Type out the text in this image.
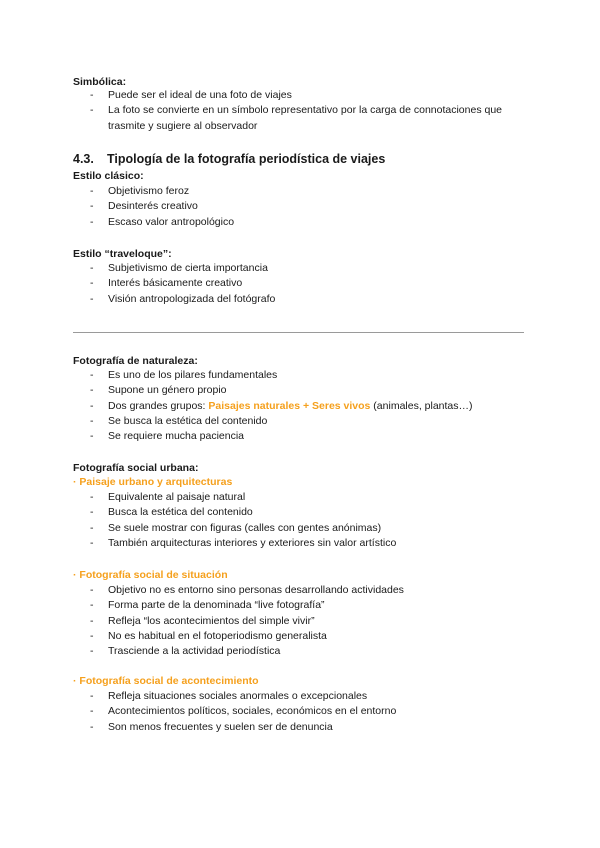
Simbólica:
- Puede ser el ideal de una foto de viajes
- La foto se convierte en un símbolo representativo por la carga de connotaciones que trasmite y sugiere al observador
4.3. Tipología de la fotografía periodística de viajes
Estilo clásico:
- Objetivismo feroz
- Desinterés creativo
- Escaso valor antropológico
Estilo “traveloque”:
- Subjetivismo de cierta importancia
- Interés básicamente creativo
- Visión antropologizada del fotógrafo
Fotografía de naturaleza:
- Es uno de los pilares fundamentales
- Supone un género propio
- Dos grandes grupos: Paisajes naturales + Seres vivos (animales, plantas…)
- Se busca la estética del contenido
- Se requiere mucha paciencia
Fotografía social urbana:
· Paisaje urbano y arquitecturas
- Equivalente al paisaje natural
- Busca la estética del contenido
- Se suele mostrar con figuras (calles con gentes anónimas)
- También arquitecturas interiores y exteriores sin valor artístico
· Fotografía social de situación
- Objetivo no es entorno sino personas desarrollando actividades
- Forma parte de la denominada “live fotografía”
- Refleja “los acontecimientos del simple vivir”
- No es habitual en el fotoperiodismo generalista
- Trasciende a la actividad periodística
· Fotografía social de acontecimiento
- Refleja situaciones sociales anormales o excepcionales
- Acontecimientos políticos, sociales, económicos en el entorno
- Son menos frecuentes y suelen ser de denuncia
